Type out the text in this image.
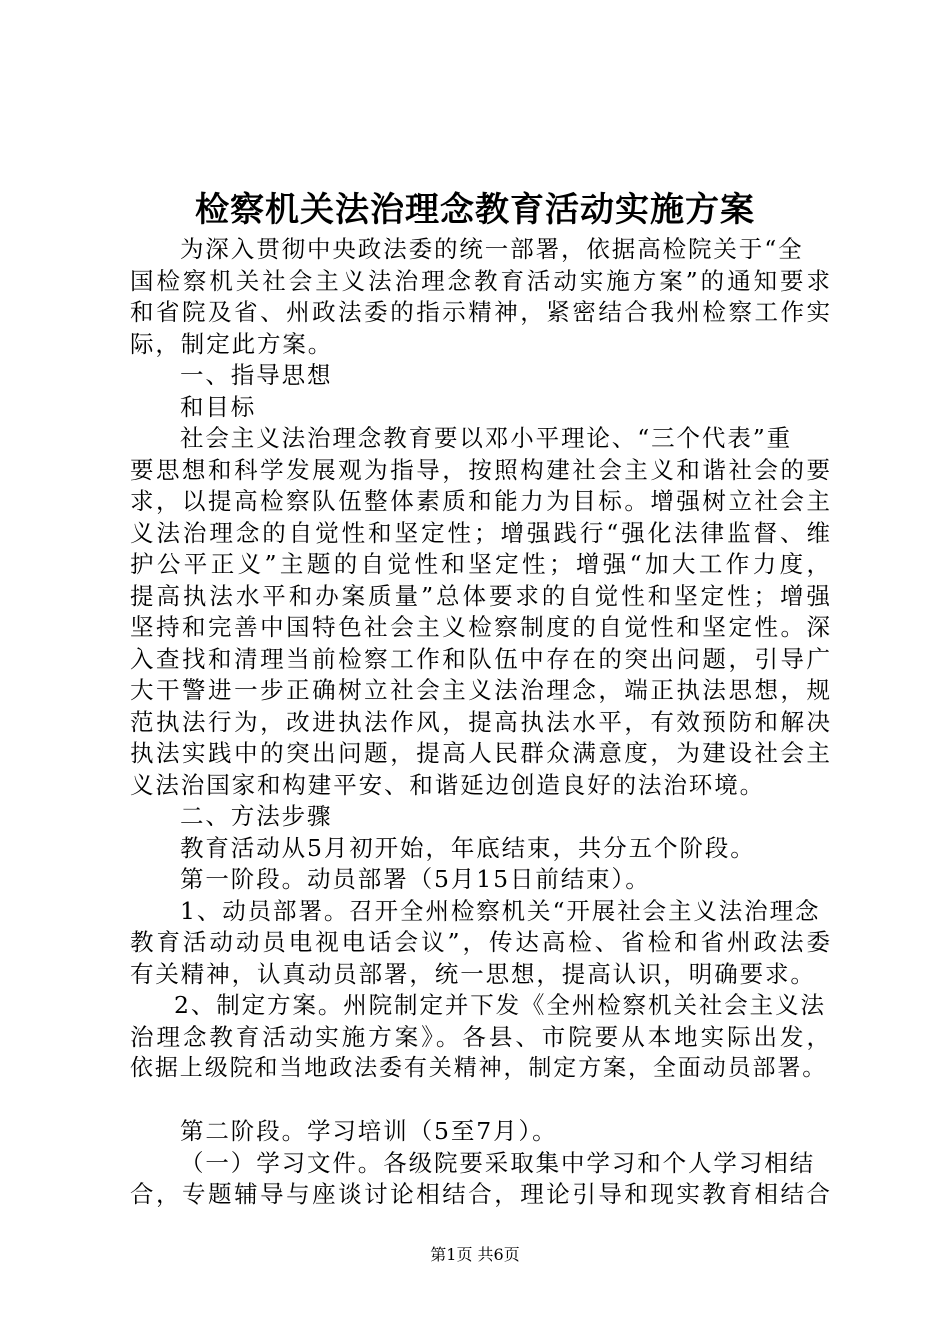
检察机关法治理念教育活动实施方案
为深入贯彻中央政法委的统一部署，依据高检院关于“全
国检察机关社会主义法治理念教育活动实施方案”的通知要求
和省院及省、州政法委的指示精神，紧密结合我州检察工作实
际，制定此方案。
一、指导思想
和目标
社会主义法治理念教育要以邓小平理论、“三个代表”重
要思想和科学发展观为指导，按照构建社会主义和谐社会的要
求，以提高检察队伍整体素质和能力为目标。增强树立社会主
义法治理念的自觉性和坚定性；增强践行“强化法律监督、维
护公平正义”主题的自觉性和坚定性；增强“加大工作力度，
提高执法水平和办案质量”总体要求的自觉性和坚定性；增强
坚持和完善中国特色社会主义检察制度的自觉性和坚定性。深
入查找和清理当前检察工作和队伍中存在的突出问题，引导广
大干警进一步正确树立社会主义法治理念，端正执法思想，规
范执法行为，改进执法作风，提高执法水平，有效预防和解决
执法实践中的突出问题，提高人民群众满意度，为建设社会主
义法治国家和构建平安、和谐延边创造良好的法治环境。
二、方法步骤
教育活动从5月初开始，年底结束，共分五个阶段。
第一阶段。动员部署（5月15日前结束）。
1、动员部署。召开全州检察机关“开展社会主义法治理念
教育活动动员电视电话会议”，传达高检、省检和省州政法委
有关精神，认真动员部署，统一思想，提高认识，明确要求。
2、制定方案。州院制定并下发《全州检察机关社会主义法
治理念教育活动实施方案》。各县、市院要从本地实际出发，
依据上级院和当地政法委有关精神，制定方案，全面动员部署。
第二阶段。学习培训（5至7月）。
（一）学习文件。各级院要采取集中学习和个人学习相结
合，专题辅导与座谈讨论相结合，理论引导和现实教育相结合
第1页 共6页
